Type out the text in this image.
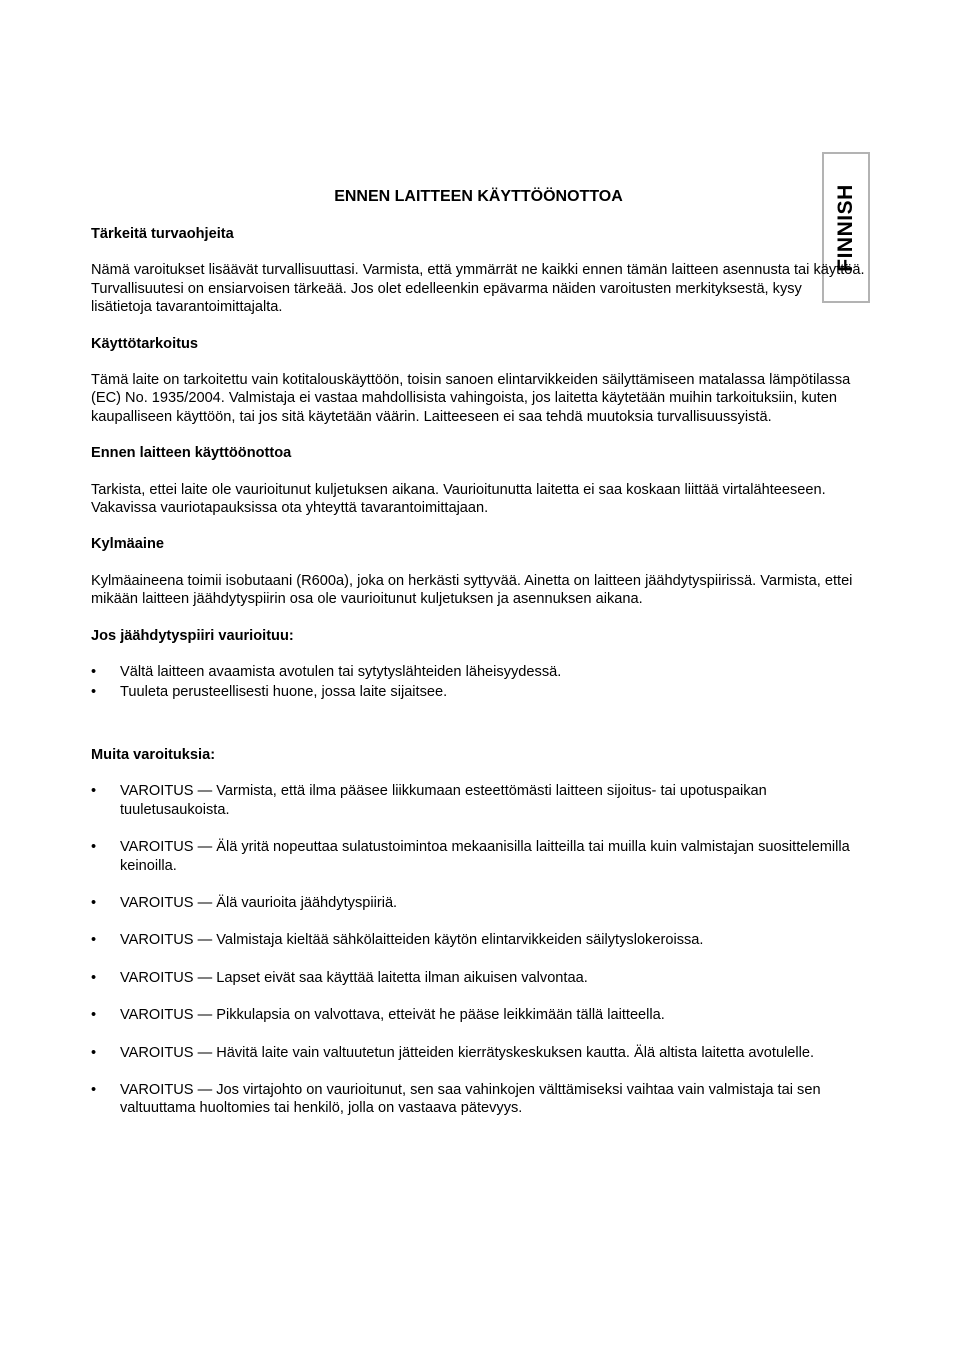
FINNISH
ENNEN LAITTEEN KÄYTTÖÖNOTTOA
Tärkeitä turvaohjeita

Nämä varoitukset lisäävät turvallisuuttasi. Varmista, että ymmärrät ne kaikki ennen tämän laitteen asennusta tai käyttöä. Turvallisuutesi on ensiarvoisen tärkeää. Jos olet edelleenkin epävarma näiden varoitusten merkityksestä, kysy lisätietoja tavarantoimittajalta.

Käyttötarkoitus

Tämä laite on tarkoitettu vain kotitalouskäyttöön, toisin sanoen elintarvikkeiden säilyttämiseen matalassa lämpötilassa (EC) No. 1935/2004. Valmistaja ei vastaa mahdollisista vahingoista, jos laitetta käytetään muihin tarkoituksiin, kuten kaupalliseen käyttöön, tai jos sitä käytetään väärin. Laitteeseen ei saa tehdä muutoksia turvallisuussyistä.

Ennen laitteen käyttöönottoa

Tarkista, ettei laite ole vaurioitunut kuljetuksen aikana. Vaurioitunutta laitetta ei saa koskaan liittää virtalähteeseen. Vakavissa vauriotapauksissa ota yhteyttä tavarantoimittajaan.

Kylmäaine

Kylmäaineena toimii isobutaani (R600a), joka on herkästi syttyvää. Ainetta on laitteen jäähdytyspiirissä. Varmista, ettei mikään laitteen jäähdytyspiirin osa ole vaurioitunut kuljetuksen ja asennuksen aikana.

Jos jäähdytyspiiri vaurioituu:
• Vältä laitteen avaamista avotulen tai sytytyslähteiden läheisyydessä.
• Tuuleta perusteellisesti huone, jossa laite sijaitsee.
Muita varoituksia:
• VAROITUS — Varmista, että ilma pääsee liikkumaan esteettömästi laitteen sijoitus- tai upotuspaikan tuuletusaukoista.
• VAROITUS — Älä yritä nopeuttaa sulatustoimintoa mekaanisilla laitteilla tai muilla kuin valmistajan suosittelemilla keinoilla.
• VAROITUS — Älä vaurioita jäähdytyspiiriä.
• VAROITUS — Valmistaja kieltää sähkölaitteiden käytön elintarvikkeiden säilytyslokeroissa.
• VAROITUS — Lapset eivät saa käyttää laitetta ilman aikuisen valvontaa.
• VAROITUS — Pikkulapsia on valvottava, etteivät he pääse leikkimään tällä laitteella.
• VAROITUS — Hävitä laite vain valtuutetun jätteiden kierrätyskeskuksen kautta. Älä altista laitetta avotulelle.
• VAROITUS — Jos virtajohto on vaurioitunut, sen saa vahinkojen välttämiseksi vaihtaa vain valmistaja tai sen valtuuttama huoltomies tai henkilö, jolla on vastaava pätevyys.
